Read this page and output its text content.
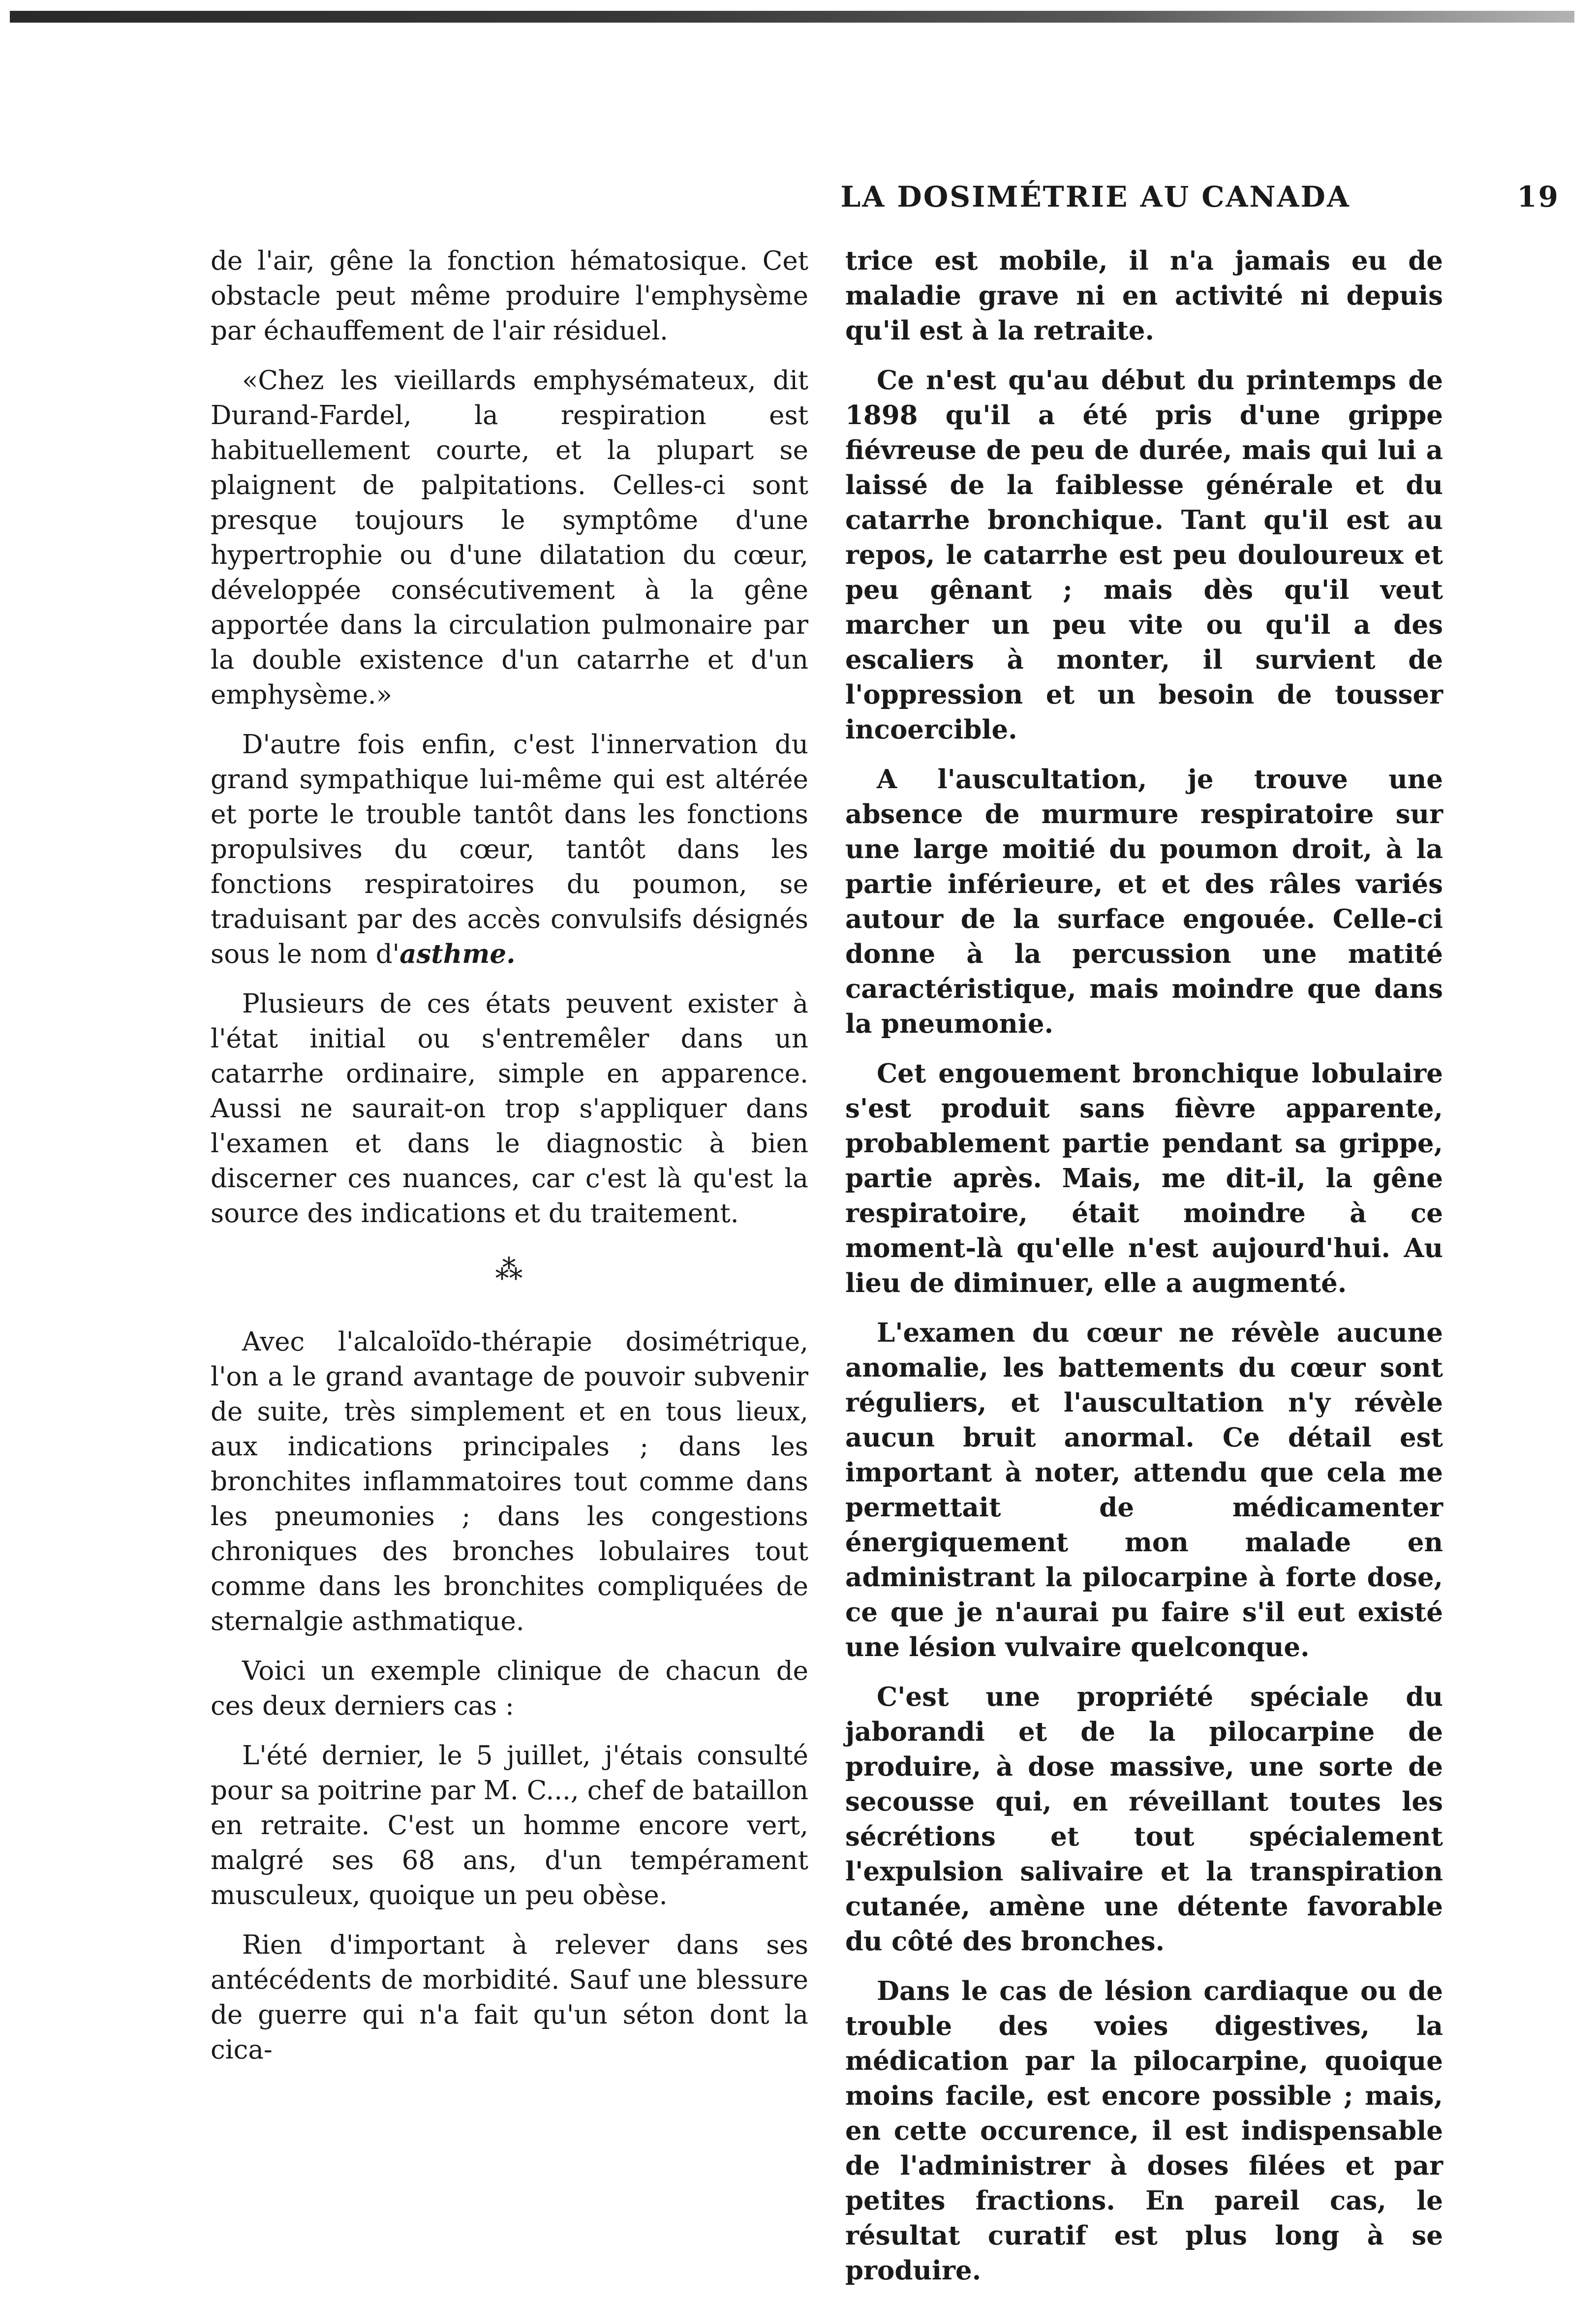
LA DOSIMÉTRIE AU CANADA	19

de l'air, gêne la fonction hématosique. Cet obstacle peut même produire l'emphysème par échauffement de l'air résiduel.

«Chez les vieillards emphysémateux, dit Durand-Fardel, la respiration est habituellement courte, et la plupart se plaignent de palpitations. Celles-ci sont presque toujours le symptôme d'une hypertrophie ou d'une dilatation du cœur, développée consécutivement à la gêne apportée dans la circulation pulmonaire par la double existence d'un catarrhe et d'un emphysème.»

D'autre fois enfin, c'est l'innervation du grand sympathique lui-même qui est altérée et porte le trouble tantôt dans les fonctions propulsives du cœur, tantôt dans les fonctions respiratoires du poumon, se traduisant par des accès convulsifs désignés sous le nom d'asthme.

Plusieurs de ces états peuvent exister à l'état initial ou s'entremêler dans un catarrhe ordinaire, simple en apparence. Aussi ne saurait-on trop s'appliquer dans l'examen et dans le diagnostic à bien discerner ces nuances, car c'est là qu'est la source des indications et du traitement.

⁂

Avec l'alcaloïdo-thérapie dosimétrique, l'on a le grand avantage de pouvoir subvenir de suite, très simplement et en tous lieux, aux indications principales ; dans les bronchites inflammatoires tout comme dans les pneumonies ; dans les congestions chroniques des bronches lobulaires tout comme dans les bronchites compliquées de sternalgie asthmatique.

Voici un exemple clinique de chacun de ces deux derniers cas :

L'été dernier, le 5 juillet, j'étais consulté pour sa poitrine par M. C..., chef de bataillon en retraite. C'est un homme encore vert, malgré ses 68 ans, d'un tempérament musculeux, quoique un peu obèse.

Rien d'important à relever dans ses antécédents de morbidité. Sauf une blessure de guerre qui n'a fait qu'un séton dont la cica-

trice est mobile, il n'a jamais eu de maladie grave ni en activité ni depuis qu'il est à la retraite.

Ce n'est qu'au début du printemps de 1898 qu'il a été pris d'une grippe fiévreuse de peu de durée, mais qui lui a laissé de la faiblesse générale et du catarrhe bronchique. Tant qu'il est au repos, le catarrhe est peu douloureux et peu gênant ; mais dès qu'il veut marcher un peu vite ou qu'il a des escaliers à monter, il survient de l'oppression et un besoin de tousser incoercible.

A l'auscultation, je trouve une absence de murmure respiratoire sur une large moitié du poumon droit, à la partie inférieure, et et des râles variés autour de la surface engouée. Celle-ci donne à la percussion une matité caractéristique, mais moindre que dans la pneumonie.

Cet engouement bronchique lobulaire s'est produit sans fièvre apparente, probablement partie pendant sa grippe, partie après. Mais, me dit-il, la gêne respiratoire, était moindre à ce moment-là qu'elle n'est aujourd'hui. Au lieu de diminuer, elle a augmenté.

L'examen du cœur ne révèle aucune anomalie, les battements du cœur sont réguliers, et l'auscultation n'y révèle aucun bruit anormal. Ce détail est important à noter, attendu que cela me permettait de médicamenter énergiquement mon malade en administrant la pilocarpine à forte dose, ce que je n'aurai pu faire s'il eut existé une lésion vulvaire quelconque.

C'est une propriété spéciale du jaborandi et de la pilocarpine de produire, à dose massive, une sorte de secousse qui, en réveillant toutes les sécrétions et tout spécialement l'expulsion salivaire et la transpiration cutanée, amène une détente favorable du côté des bronches.

Dans le cas de lésion cardiaque ou de trouble des voies digestives, la médication par la pilocarpine, quoique moins facile, est encore possible ; mais, en cette occurence, il est indispensable de l'administrer à doses filées et par petites fractions. En pareil cas, le résultat curatif est plus long à se produire.
